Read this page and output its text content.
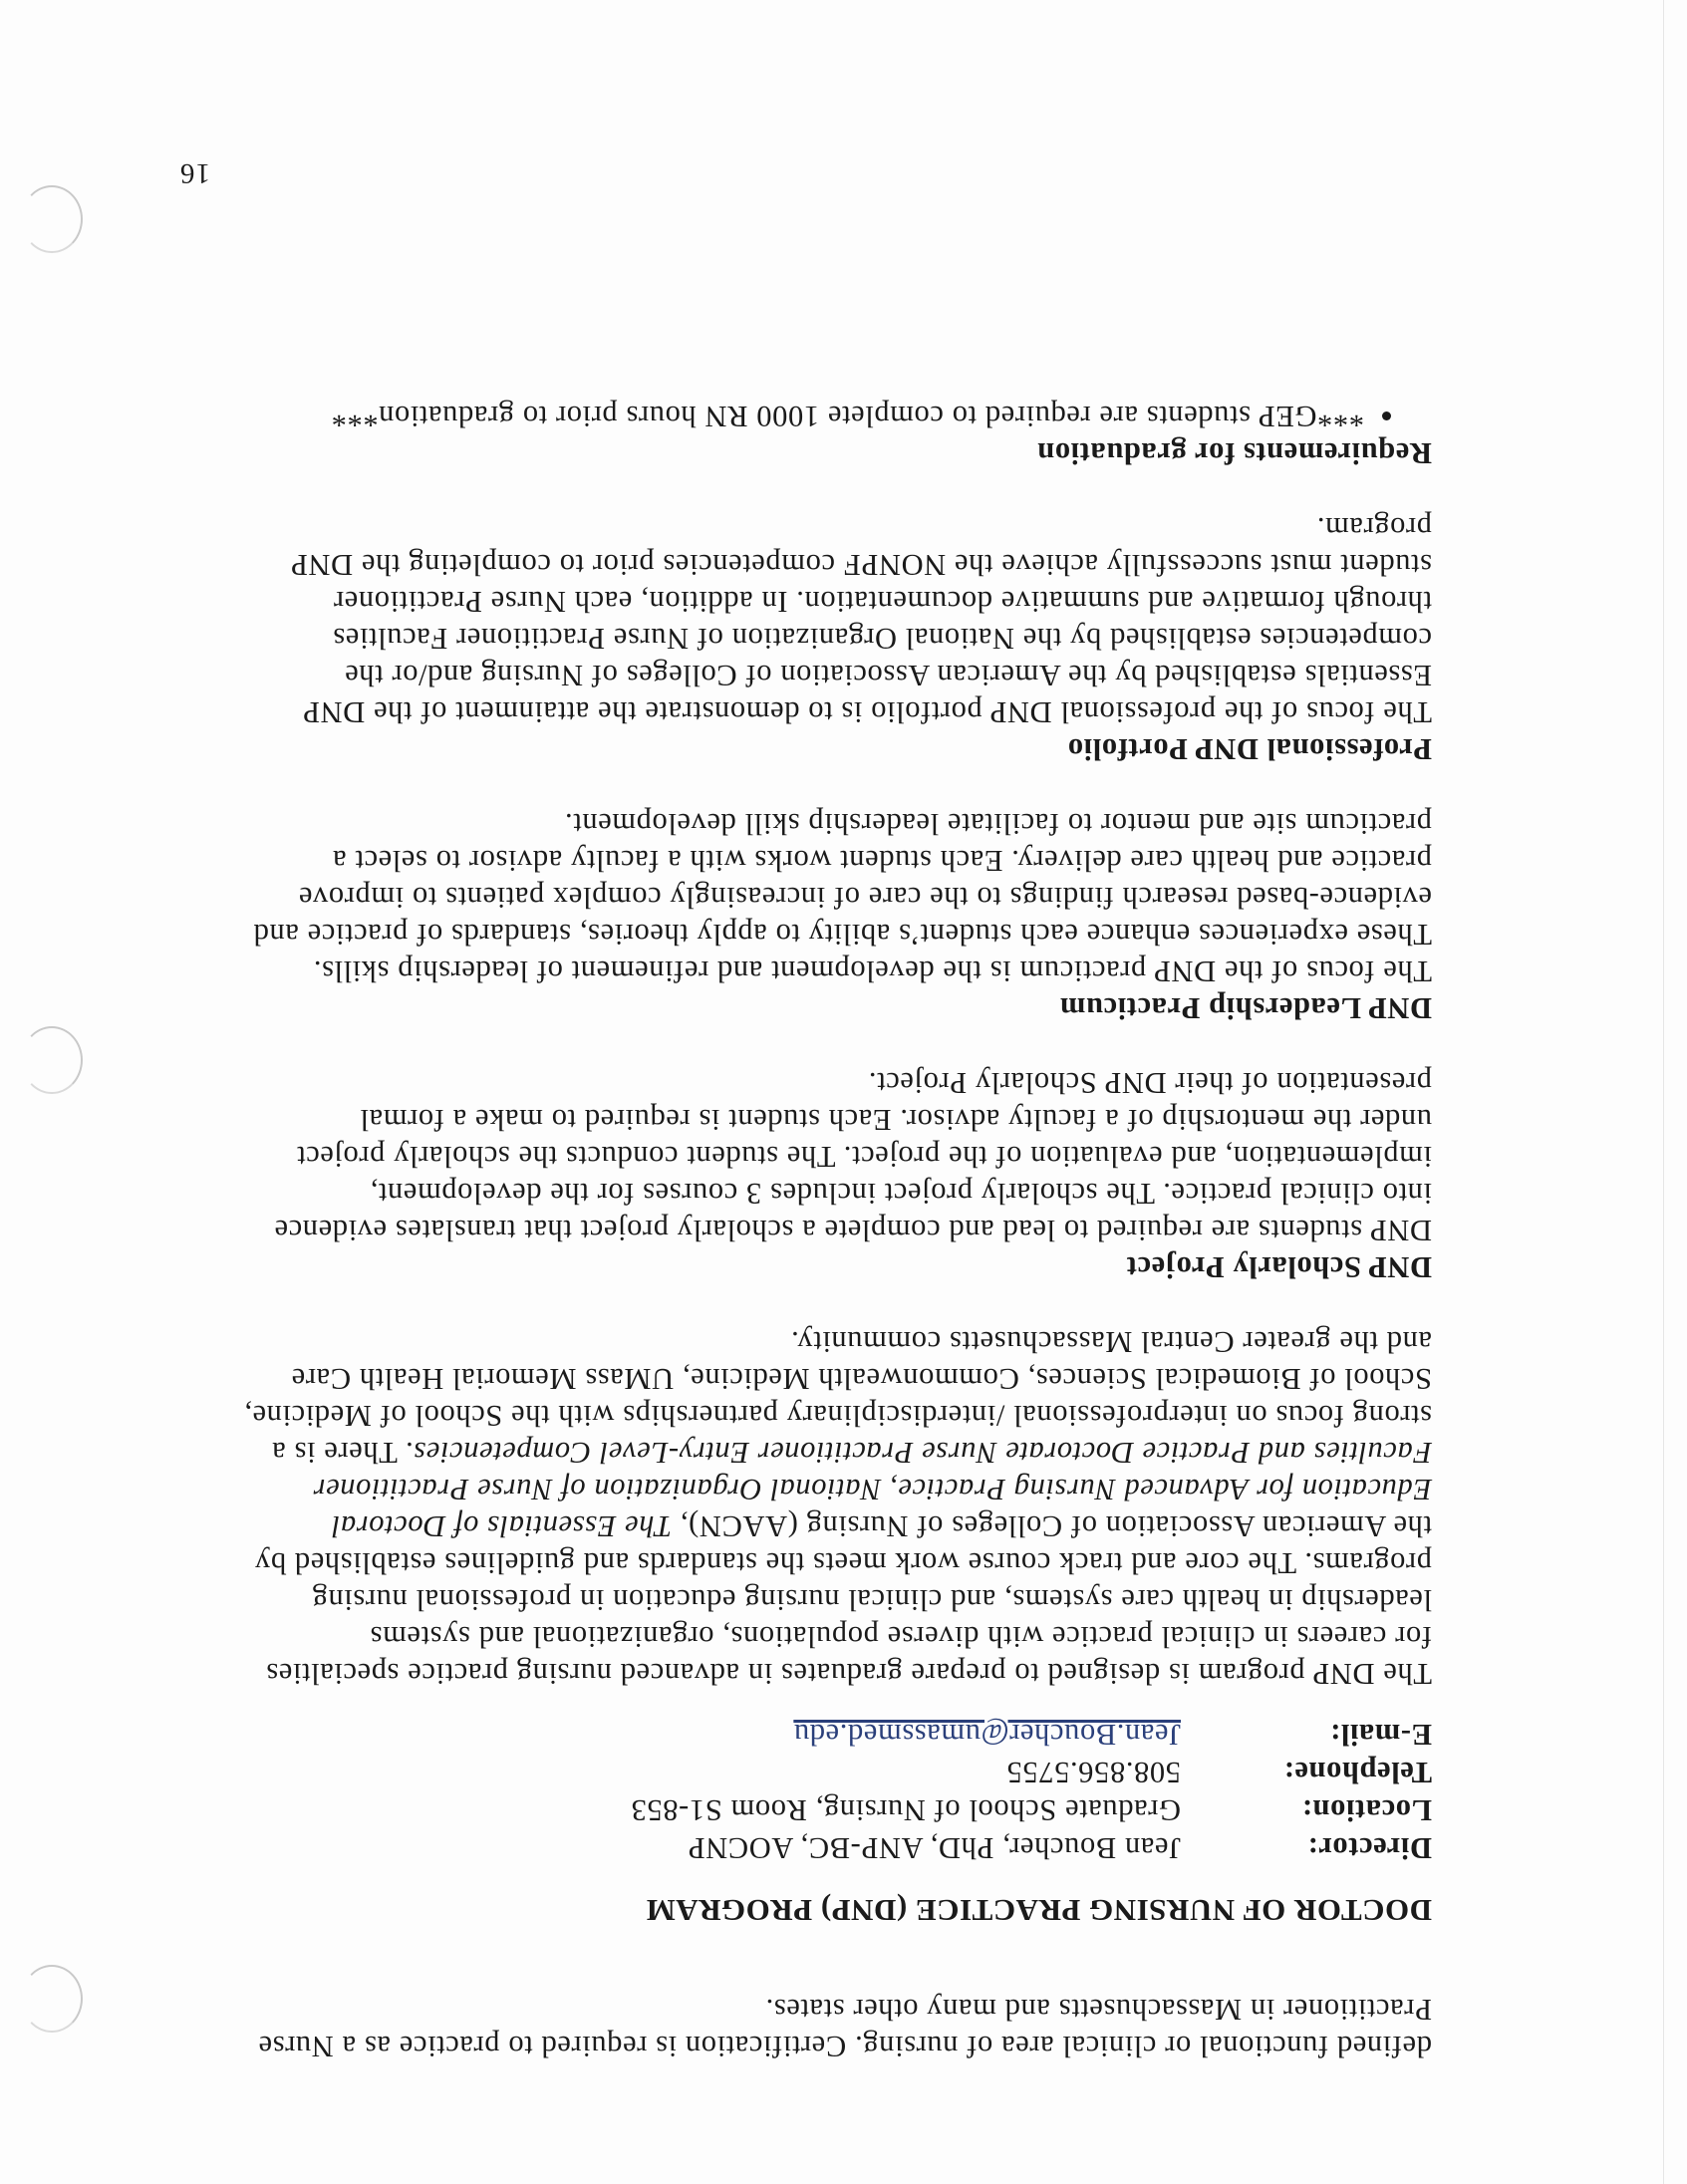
defined functional or clinical area of nursing. Certification is required to practice as a Nurse Practitioner in Massachusetts and many other states.

DOCTOR OF NURSING PRACTICE (DNP) PROGRAM
Director:
Jean Boucher, PhD, ANP-BC, AOCNP
Location:
Graduate School of Nursing, Room S1-853
Telephone:
508.856.5755
E-mail:
Jean.Boucher@umassmed.edu

The DNP program is designed to prepare graduates in advanced nursing practice specialties for careers in clinical practice with diverse populations, organizational and systems leadership in health care systems, and clinical nursing education in professional nursing programs. The core and track course work meets the standards and guidelines established by the American Association of Colleges of Nursing (AACN), The Essentials of Doctoral Education for Advanced Nursing Practice, National Organization of Nurse Practitioner Faculties and Practice Doctorate Nurse Practitioner Entry-Level Competencies. There is a strong focus on interprofessional /interdisciplinary partnerships with the School of Medicine, School of Biomedical Sciences, Commonwealth Medicine, UMass Memorial Health Care and the greater Central Massachusetts community.

DNP Scholarly Project

DNP students are required to lead and complete a scholarly project that translates evidence into clinical practice. The scholarly project includes 3 courses for the development, implementation, and evaluation of the project. The student conducts the scholarly project under the mentorship of a faculty advisor. Each student is required to make a formal presentation of their DNP Scholarly Project.

DNP Leadership Practicum

The focus of the DNP practicum is the development and refinement of leadership skills. These experiences enhance each student’s ability to apply theories, standards of practice and evidence-based research findings to the care of increasingly complex patients to improve practice and health care delivery. Each student works with a faculty advisor to select a practicum site and mentor to facilitate leadership skill development.

Professional DNP Portfolio

The focus of the professional DNP portfolio is to demonstrate the attainment of the DNP Essentials established by the American Association of Colleges of Nursing and/or the competencies established by the National Organization of Nurse Practitioner Faculties through formative and summative documentation. In addition, each Nurse Practitioner student must successfully achieve the NONPF competencies prior to completing the DNP program.

Requirements for graduation
• ***GEP students are required to complete 1000 RN hours prior to graduation***
16
